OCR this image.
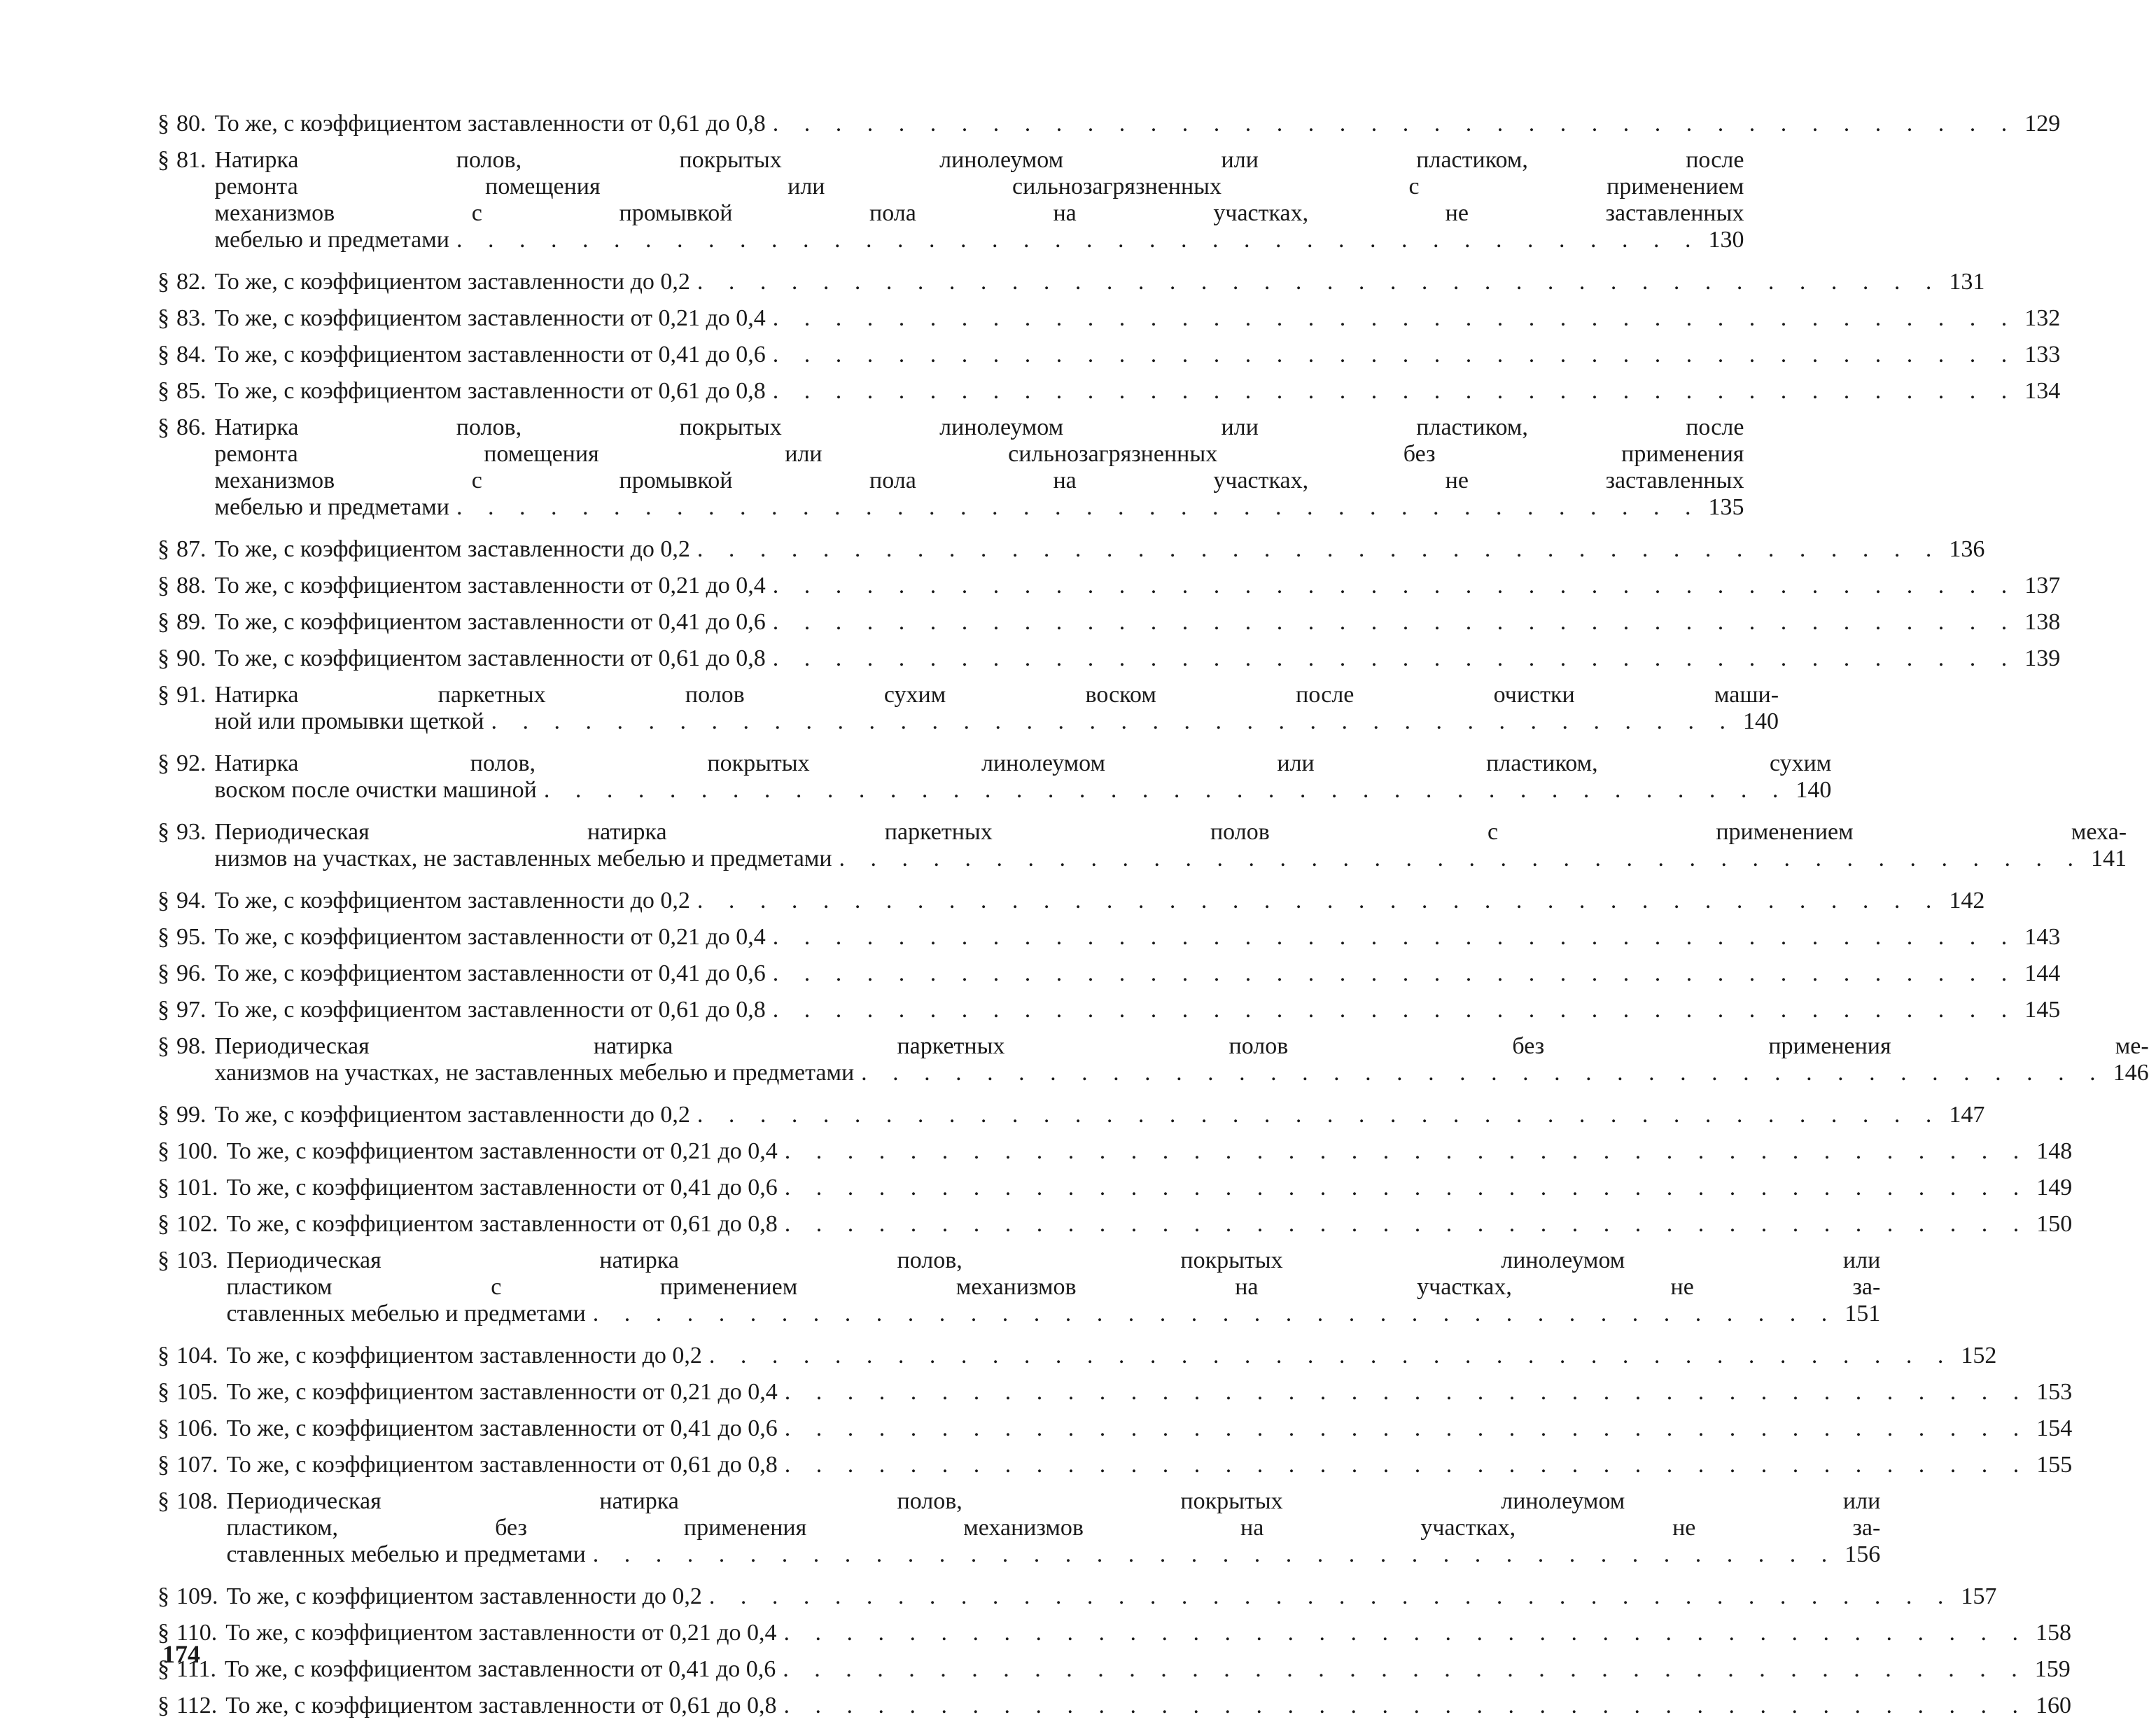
§ 80. То же, с коэффициентом заставленности от 0,61 до 0,8 . . . . . . . . . . . . . . . . . . . . . . . . . . . . . . . . . . . . . . . . 129
§ 81. Натирка полов, покрытых линолеумом или пластиком, после
ремонта помещения или сильнозагрязненных с применением
механизмов с промывкой пола на участках, не заставленных
мебелью и предметами . . . . . . . . . . . . . . . . . . . . . . . . . . . . . . . . . . . . . . . . 130
§ 82. То же, с коэффициентом заставленности до 0,2 . . . . . . . . . . . . . . . . . . . . . . . . . . . . . . . . . . . . . . . . 131
§ 83. То же, с коэффициентом заставленности от 0,21 до 0,4 . . . . . . . . . . . . . . . . . . . . . . . . . . . . . . . . . . . . . . . . 132
§ 84. То же, с коэффициентом заставленности от 0,41 до 0,6 . . . . . . . . . . . . . . . . . . . . . . . . . . . . . . . . . . . . . . . . 133
§ 85. То же, с коэффициентом заставленности от 0,61 до 0,8 . . . . . . . . . . . . . . . . . . . . . . . . . . . . . . . . . . . . . . . . 134
§ 86. Натирка полов, покрытых линолеумом или пластиком, после
ремонта помещения или сильнозагрязненных без применения
механизмов с промывкой пола на участках, не заставленных
мебелью и предметами . . . . . . . . . . . . . . . . . . . . . . . . . . . . . . . . . . . . . . . . 135
§ 87. То же, с коэффициентом заставленности до 0,2 . . . . . . . . . . . . . . . . . . . . . . . . . . . . . . . . . . . . . . . . 136
§ 88. То же, с коэффициентом заставленности от 0,21 до 0,4 . . . . . . . . . . . . . . . . . . . . . . . . . . . . . . . . . . . . . . . . 137
§ 89. То же, с коэффициентом заставленности от 0,41 до 0,6 . . . . . . . . . . . . . . . . . . . . . . . . . . . . . . . . . . . . . . . . 138
§ 90. То же, с коэффициентом заставленности от 0,61 до 0,8 . . . . . . . . . . . . . . . . . . . . . . . . . . . . . . . . . . . . . . . . 139
§ 91. Натирка паркетных полов сухим воском после очистки маши-
ной или промывки щеткой . . . . . . . . . . . . . . . . . . . . . . . . . . . . . . . . . . . . . . . . 140
§ 92. Натирка полов, покрытых линолеумом или пластиком, сухим
воском после очистки машиной . . . . . . . . . . . . . . . . . . . . . . . . . . . . . . . . . . . . . . . . 140
§ 93. Периодическая натирка паркетных полов с применением меха-
низмов на участках, не заставленных мебелью и предметами . . . . . . . . . . . . . . . . . . . . . . . . . . . . . . . . . . . . . . . . 141
§ 94. То же, с коэффициентом заставленности до 0,2 . . . . . . . . . . . . . . . . . . . . . . . . . . . . . . . . . . . . . . . . 142
§ 95. То же, с коэффициентом заставленности от 0,21 до 0,4 . . . . . . . . . . . . . . . . . . . . . . . . . . . . . . . . . . . . . . . . 143
§ 96. То же, с коэффициентом заставленности от 0,41 до 0,6 . . . . . . . . . . . . . . . . . . . . . . . . . . . . . . . . . . . . . . . . 144
§ 97. То же, с коэффициентом заставленности от 0,61 до 0,8 . . . . . . . . . . . . . . . . . . . . . . . . . . . . . . . . . . . . . . . . 145
§ 98. Периодическая натирка паркетных полов без применения ме-
ханизмов на участках, не заставленных мебелью и предметами . . . . . . . . . . . . . . . . . . . . . . . . . . . . . . . . . . . . . . . . 146
§ 99. То же, с коэффициентом заставленности до 0,2 . . . . . . . . . . . . . . . . . . . . . . . . . . . . . . . . . . . . . . . . 147
§ 100. То же, с коэффициентом заставленности от 0,21 до 0,4 . . . . . . . . . . . . . . . . . . . . . . . . . . . . . . . . . . . . . . . . 148
§ 101. То же, с коэффициентом заставленности от 0,41 до 0,6 . . . . . . . . . . . . . . . . . . . . . . . . . . . . . . . . . . . . . . . . 149
§ 102. То же, с коэффициентом заставленности от 0,61 до 0,8 . . . . . . . . . . . . . . . . . . . . . . . . . . . . . . . . . . . . . . . . 150
§ 103. Периодическая натирка полов, покрытых линолеумом или
пластиком с применением механизмов на участках, не за-
ставленных мебелью и предметами . . . . . . . . . . . . . . . . . . . . . . . . . . . . . . . . . . . . . . . . 151
§ 104. То же, с коэффициентом заставленности до 0,2 . . . . . . . . . . . . . . . . . . . . . . . . . . . . . . . . . . . . . . . . 152
§ 105. То же, с коэффициентом заставленности от 0,21 до 0,4 . . . . . . . . . . . . . . . . . . . . . . . . . . . . . . . . . . . . . . . . 153
§ 106. То же, с коэффициентом заставленности от 0,41 до 0,6 . . . . . . . . . . . . . . . . . . . . . . . . . . . . . . . . . . . . . . . . 154
§ 107. То же, с коэффициентом заставленности от 0,61 до 0,8 . . . . . . . . . . . . . . . . . . . . . . . . . . . . . . . . . . . . . . . . 155
§ 108. Периодическая натирка полов, покрытых линолеумом или
пластиком, без применения механизмов на участках, не за-
ставленных мебелью и предметами . . . . . . . . . . . . . . . . . . . . . . . . . . . . . . . . . . . . . . . . 156
§ 109. То же, с коэффициентом заставленности до 0,2 . . . . . . . . . . . . . . . . . . . . . . . . . . . . . . . . . . . . . . . . 157
§ 110. То же, с коэффициентом заставленности от 0,21 до 0,4 . . . . . . . . . . . . . . . . . . . . . . . . . . . . . . . . . . . . . . . . 158
§ 111. То же, с коэффициентом заставленности от 0,41 до 0,6 . . . . . . . . . . . . . . . . . . . . . . . . . . . . . . . . . . . . . . . . 159
§ 112. То же, с коэффициентом заставленности от 0,61 до 0,8 . . . . . . . . . . . . . . . . . . . . . . . . . . . . . . . . . . . . . . . . 160
174
